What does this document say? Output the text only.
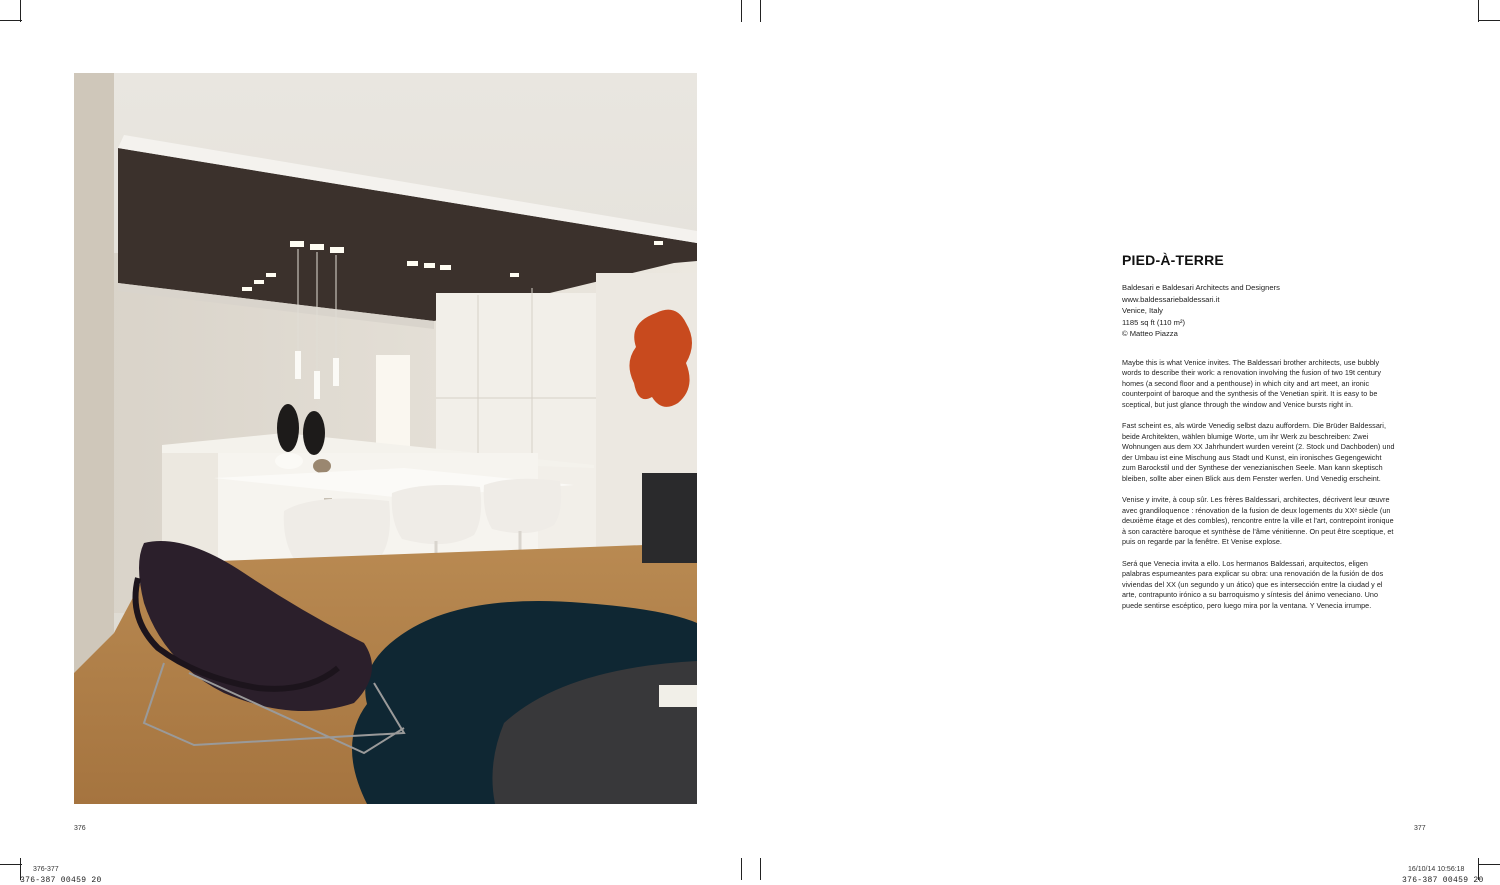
376	377
PIED-À-TERRE
Baldesari e Baldesari Architects and Designers
www.baldessariebaldessari.it
Venice, Italy
1185 sq ft (110 m²)
© Matteo Piazza

Maybe this is what Venice invites. The Baldessari brother architects, use bubbly words to describe their work: a renovation involving the fusion of two 19t century homes (a second floor and a penthouse) in which city and art meet, an ironic counterpoint of baroque and the synthesis of the Venetian spirit. It is easy to be sceptical, but just glance through the window and Venice bursts right in.

Fast scheint es, als würde Venedig selbst dazu auffordern. Die Brüder Baldessari, beide Architekten, wählen blumige Worte, um ihr Werk zu beschreiben: Zwei Wohnungen aus dem XX Jahrhundert wurden vereint (2. Stock und Dachboden) und der Umbau ist eine Mischung aus Stadt und Kunst, ein ironisches Gegengewicht zum Barockstil und der Synthese der venezianischen Seele. Man kann skeptisch bleiben, sollte aber einen Blick aus dem Fenster werfen. Und Venedig erscheint.

Venise y invite, à coup sûr. Les frères Baldessari, architectes, décrivent leur œuvre avec grandiloquence : rénovation de la fusion de deux logements du XXᵉ siècle (un deuxième étage et des combles), rencontre entre la ville et l’art, contrepoint ironique à son caractère baroque et synthèse de l’âme vénitienne. On peut être sceptique, et puis on regarde par la fenêtre. Et Venise explose.

Será que Venecia invita a ello. Los hermanos Baldessari, arquitectos, eligen palabras espumeantes para explicar su obra: una renovación de la fusión de dos viviendas del XX (un segundo y un ático) que es intersección entre la ciudad y el arte, contrapunto irónico a su barroquismo y síntesis del ánimo veneciano. Uno puede sentirse escéptico, pero luego mira por la ventana. Y Venecia irrumpe.

376-377
376-387 00459 20
16/10/14 10:56:18
376-387 00459 20
